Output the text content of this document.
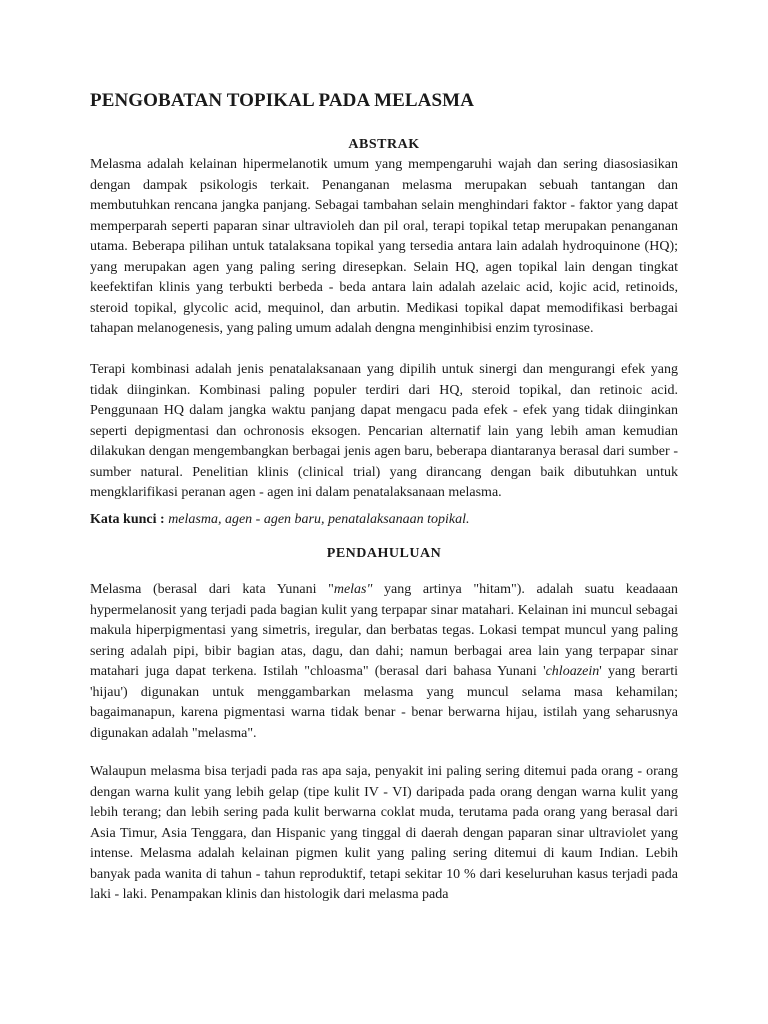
PENGOBATAN TOPIKAL PADA MELASMA
ABSTRAK

Melasma adalah kelainan hipermelanotik umum yang mempengaruhi wajah dan sering diasosiasikan dengan dampak psikologis terkait. Penanganan melasma merupakan sebuah tantangan dan membutuhkan rencana jangka panjang. Sebagai tambahan selain menghindari faktor - faktor yang dapat memperparah seperti paparan sinar ultravioleh dan pil oral, terapi topikal tetap merupakan penanganan utama. Beberapa pilihan untuk tatalaksana topikal yang tersedia antara lain adalah hydroquinone (HQ); yang merupakan agen yang paling sering diresepkan. Selain HQ, agen topikal lain dengan tingkat keefektifan klinis yang terbukti berbeda - beda antara lain adalah azelaic acid, kojic acid, retinoids, steroid topikal, glycolic acid, mequinol, dan arbutin. Medikasi topikal dapat memodifikasi berbagai tahapan melanogenesis, yang paling umum adalah dengna menginhibisi enzim tyrosinase.

Terapi kombinasi adalah jenis penatalaksanaan yang dipilih untuk sinergi dan mengurangi efek yang tidak diinginkan. Kombinasi paling populer terdiri dari HQ, steroid topikal, dan retinoic acid. Penggunaan HQ dalam jangka waktu panjang dapat mengacu pada efek - efek yang tidak diinginkan seperti depigmentasi dan ochronosis eksogen. Pencarian alternatif lain yang lebih aman kemudian dilakukan dengan mengembangkan berbagai jenis agen baru, beberapa diantaranya berasal dari sumber - sumber natural. Penelitian klinis (clinical trial) yang dirancang dengan baik dibutuhkan untuk mengklarifikasi peranan agen - agen ini dalam penatalaksanaan melasma.

Kata kunci : melasma, agen - agen baru, penatalaksanaan topikal.

PENDAHULUAN

Melasma (berasal dari kata Yunani "melas" yang artinya "hitam"). adalah suatu keadaaan hypermelanosit yang terjadi pada bagian kulit yang terpapar sinar matahari. Kelainan ini muncul sebagai makula hiperpigmentasi yang simetris, iregular, dan berbatas tegas. Lokasi tempat muncul yang paling sering adalah pipi, bibir bagian atas, dagu, dan dahi; namun berbagai area lain yang terpapar sinar matahari juga dapat terkena. Istilah "chloasma" (berasal dari bahasa Yunani 'chloazein' yang berarti 'hijau') digunakan untuk menggambarkan melasma yang muncul selama masa kehamilan; bagaimanapun, karena pigmentasi warna tidak benar - benar berwarna hijau, istilah yang seharusnya digunakan adalah "melasma".

Walaupun melasma bisa terjadi pada ras apa saja, penyakit ini paling sering ditemui pada orang - orang dengan warna kulit yang lebih gelap (tipe kulit IV - VI) daripada pada orang dengan warna kulit yang lebih terang; dan lebih sering pada kulit berwarna coklat muda, terutama pada orang yang berasal dari Asia Timur, Asia Tenggara, dan Hispanic yang tinggal di daerah dengan paparan sinar ultraviolet yang intense. Melasma adalah kelainan pigmen kulit yang paling sering ditemui di kaum Indian. Lebih banyak pada wanita di tahun - tahun reproduktif, tetapi sekitar 10 % dari keseluruhan kasus terjadi pada laki - laki. Penampakan klinis dan histologik dari melasma pada
